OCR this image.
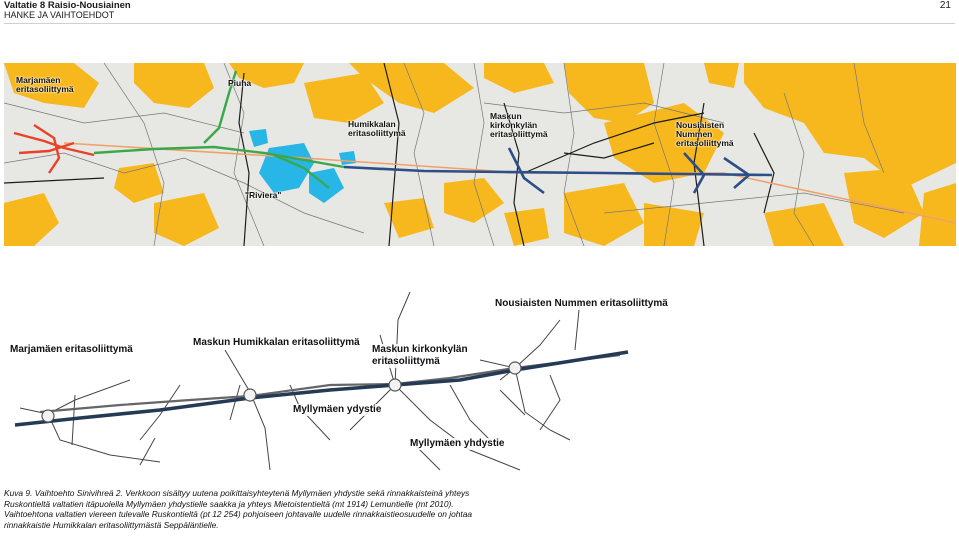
Valtatie 8 Raisio-Nousiainen
HANKE JA VAIHTOEHDOT
21
Marjamäen eritasoliittymä
Piuha
Humikkalan eritasoliittymä
Maskun kirkonkylän eritasoliittymä
Nousiaisten Nummen eritasoliittymä
"Riviera"
Marjamäen eritasoliittymä
Maskun Humikkalan eritasoliittymä
Maskun kirkonkylän eritasoliittymä
Nousiaisten Nummen eritasoliittymä
Myllymäen ydystie
Myllymäen yhdystie
Kuva 9. Vaihtoehto Sinivihreä 2. Verkkoon sisältyy uutena poikittaisyhteytenä Myllymäen yhdystie sekä rinnakkaisteinä yhteys
Ruskontieltä valtatien itäpuolella Myllymäen yhdystielle saakka ja yhteys Mietoistentieltä (mt 1914) Lemuntielle (mt 2010).
Vaihtoehtona valtatien viereen tulevalle Ruskontieltä (pt 12 254) pohjoiseen johtavalle uudelle rinnakkaistieosuudelle on johtaa
rinnakkaistie Humikkalan eritasoliittymästä Seppäläntielle.
